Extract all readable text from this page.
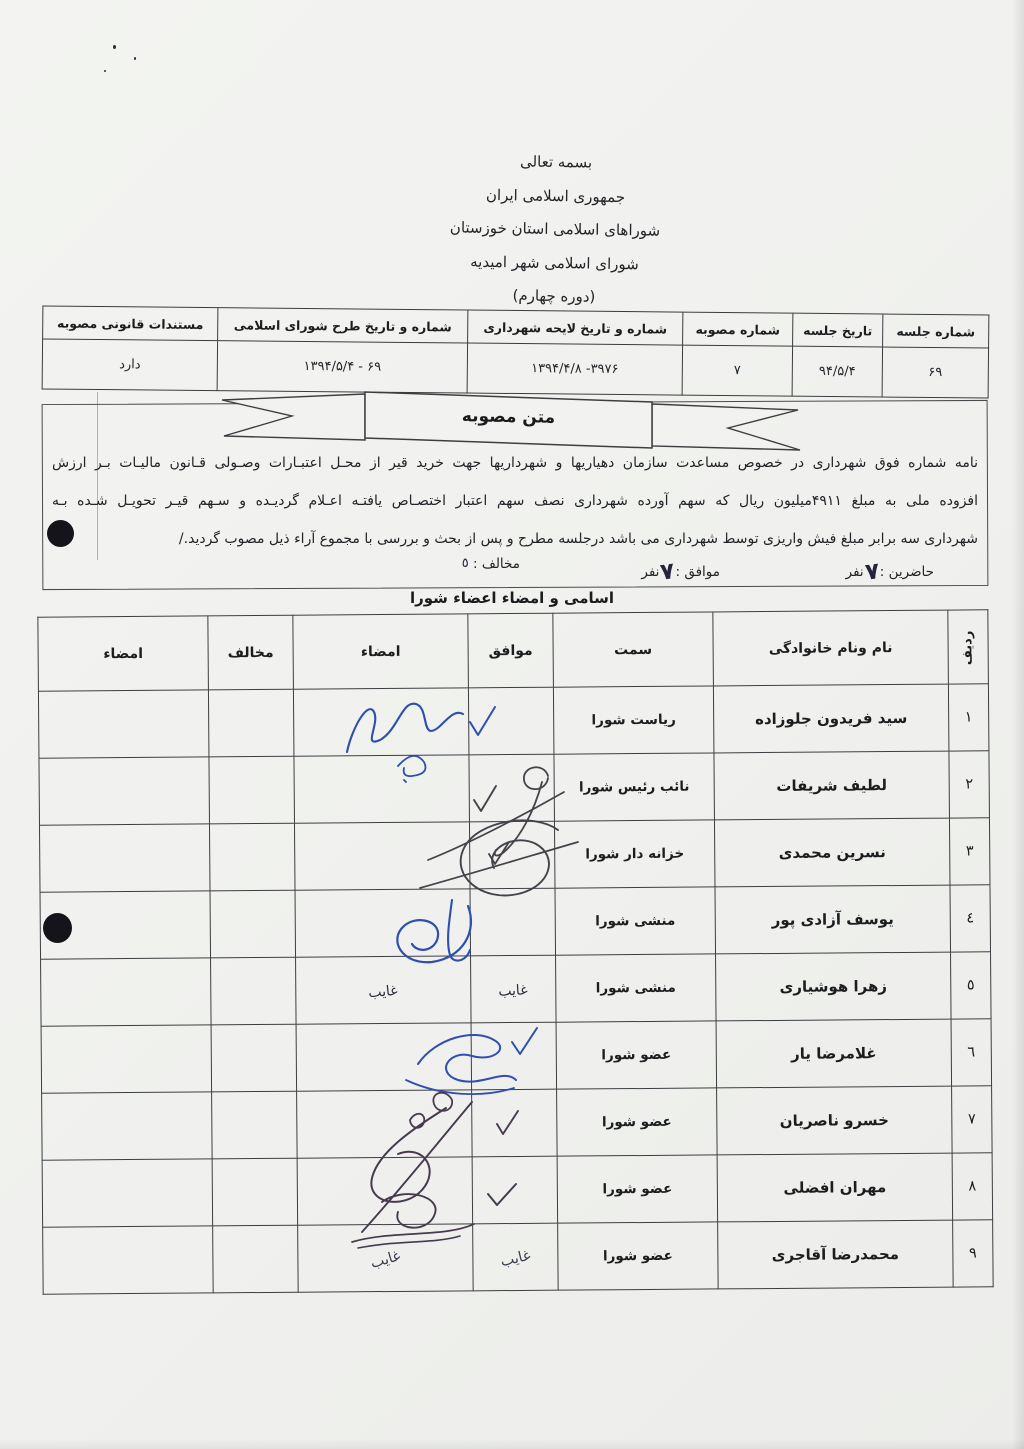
بسمه تعالی
جمهوری اسلامی ایران
شوراهای اسلامی استان خوزستان
شورای اسلامی شهر امیدیه
(دوره چهارم)
شماره جلسه	تاریخ جلسه	شماره مصوبه	شماره و تاریخ لایحه شهرداری	شماره و تاریخ طرح شورای اسلامی	مستندات قانونی مصوبه
۶۹	۹۴/۵/۴	۷	۱۳۹۴/۴/۸ -۳۹۷۶	۱۳۹۴/۵/۴ - ۶۹	دارد
متن مصوبه
نامه شماره فوق شهرداری در خصوص مساعدت سازمان دهیاریها و شهرداریها جهت خرید قیر از محـل اعتبـارات وصـولی قـانون مالیـات بـر ارزش
افزوده ملی به مبلغ ۴۹۱۱میلیون ریال که سهم آورده شهرداری نصف سهم اعتبار اختصـاص یافتـه اعـلام گردیـده و سـهم قیـر تحویـل شـده بـه
شهرداری سه برابر مبلغ فیش واریزی توسط شهرداری می باشد درجلسه مطرح و پس از بحث و بررسی با مجموع آراء ذیل مصوب گردید./
حاضرین :۷نفر
موافق :۷نفر
مخالف : ٥
اسامی و امضاء اعضاء شورا
ردیف	نام ونام خانوادگی	سمت	موافق	امضاء	مخالف	امضاء
١	سید فریدون جلوزاده	ریاست شورا				
٢	لطیف شریفات	نائب رئیس شورا				
٣	نسرین محمدی	خزانه دار شورا				
٤	یوسف آزادی پور	منشی شورا				
٥	زهرا هوشیاری	منشی شورا	غایب	غایب		
٦	غلامرضا یار	عضو شورا				
٧	خسرو ناصریان	عضو شورا				
٨	مهران افضلی	عضو شورا				
٩	محمدرضا آقاجری	عضو شورا	غایب	غایب		
